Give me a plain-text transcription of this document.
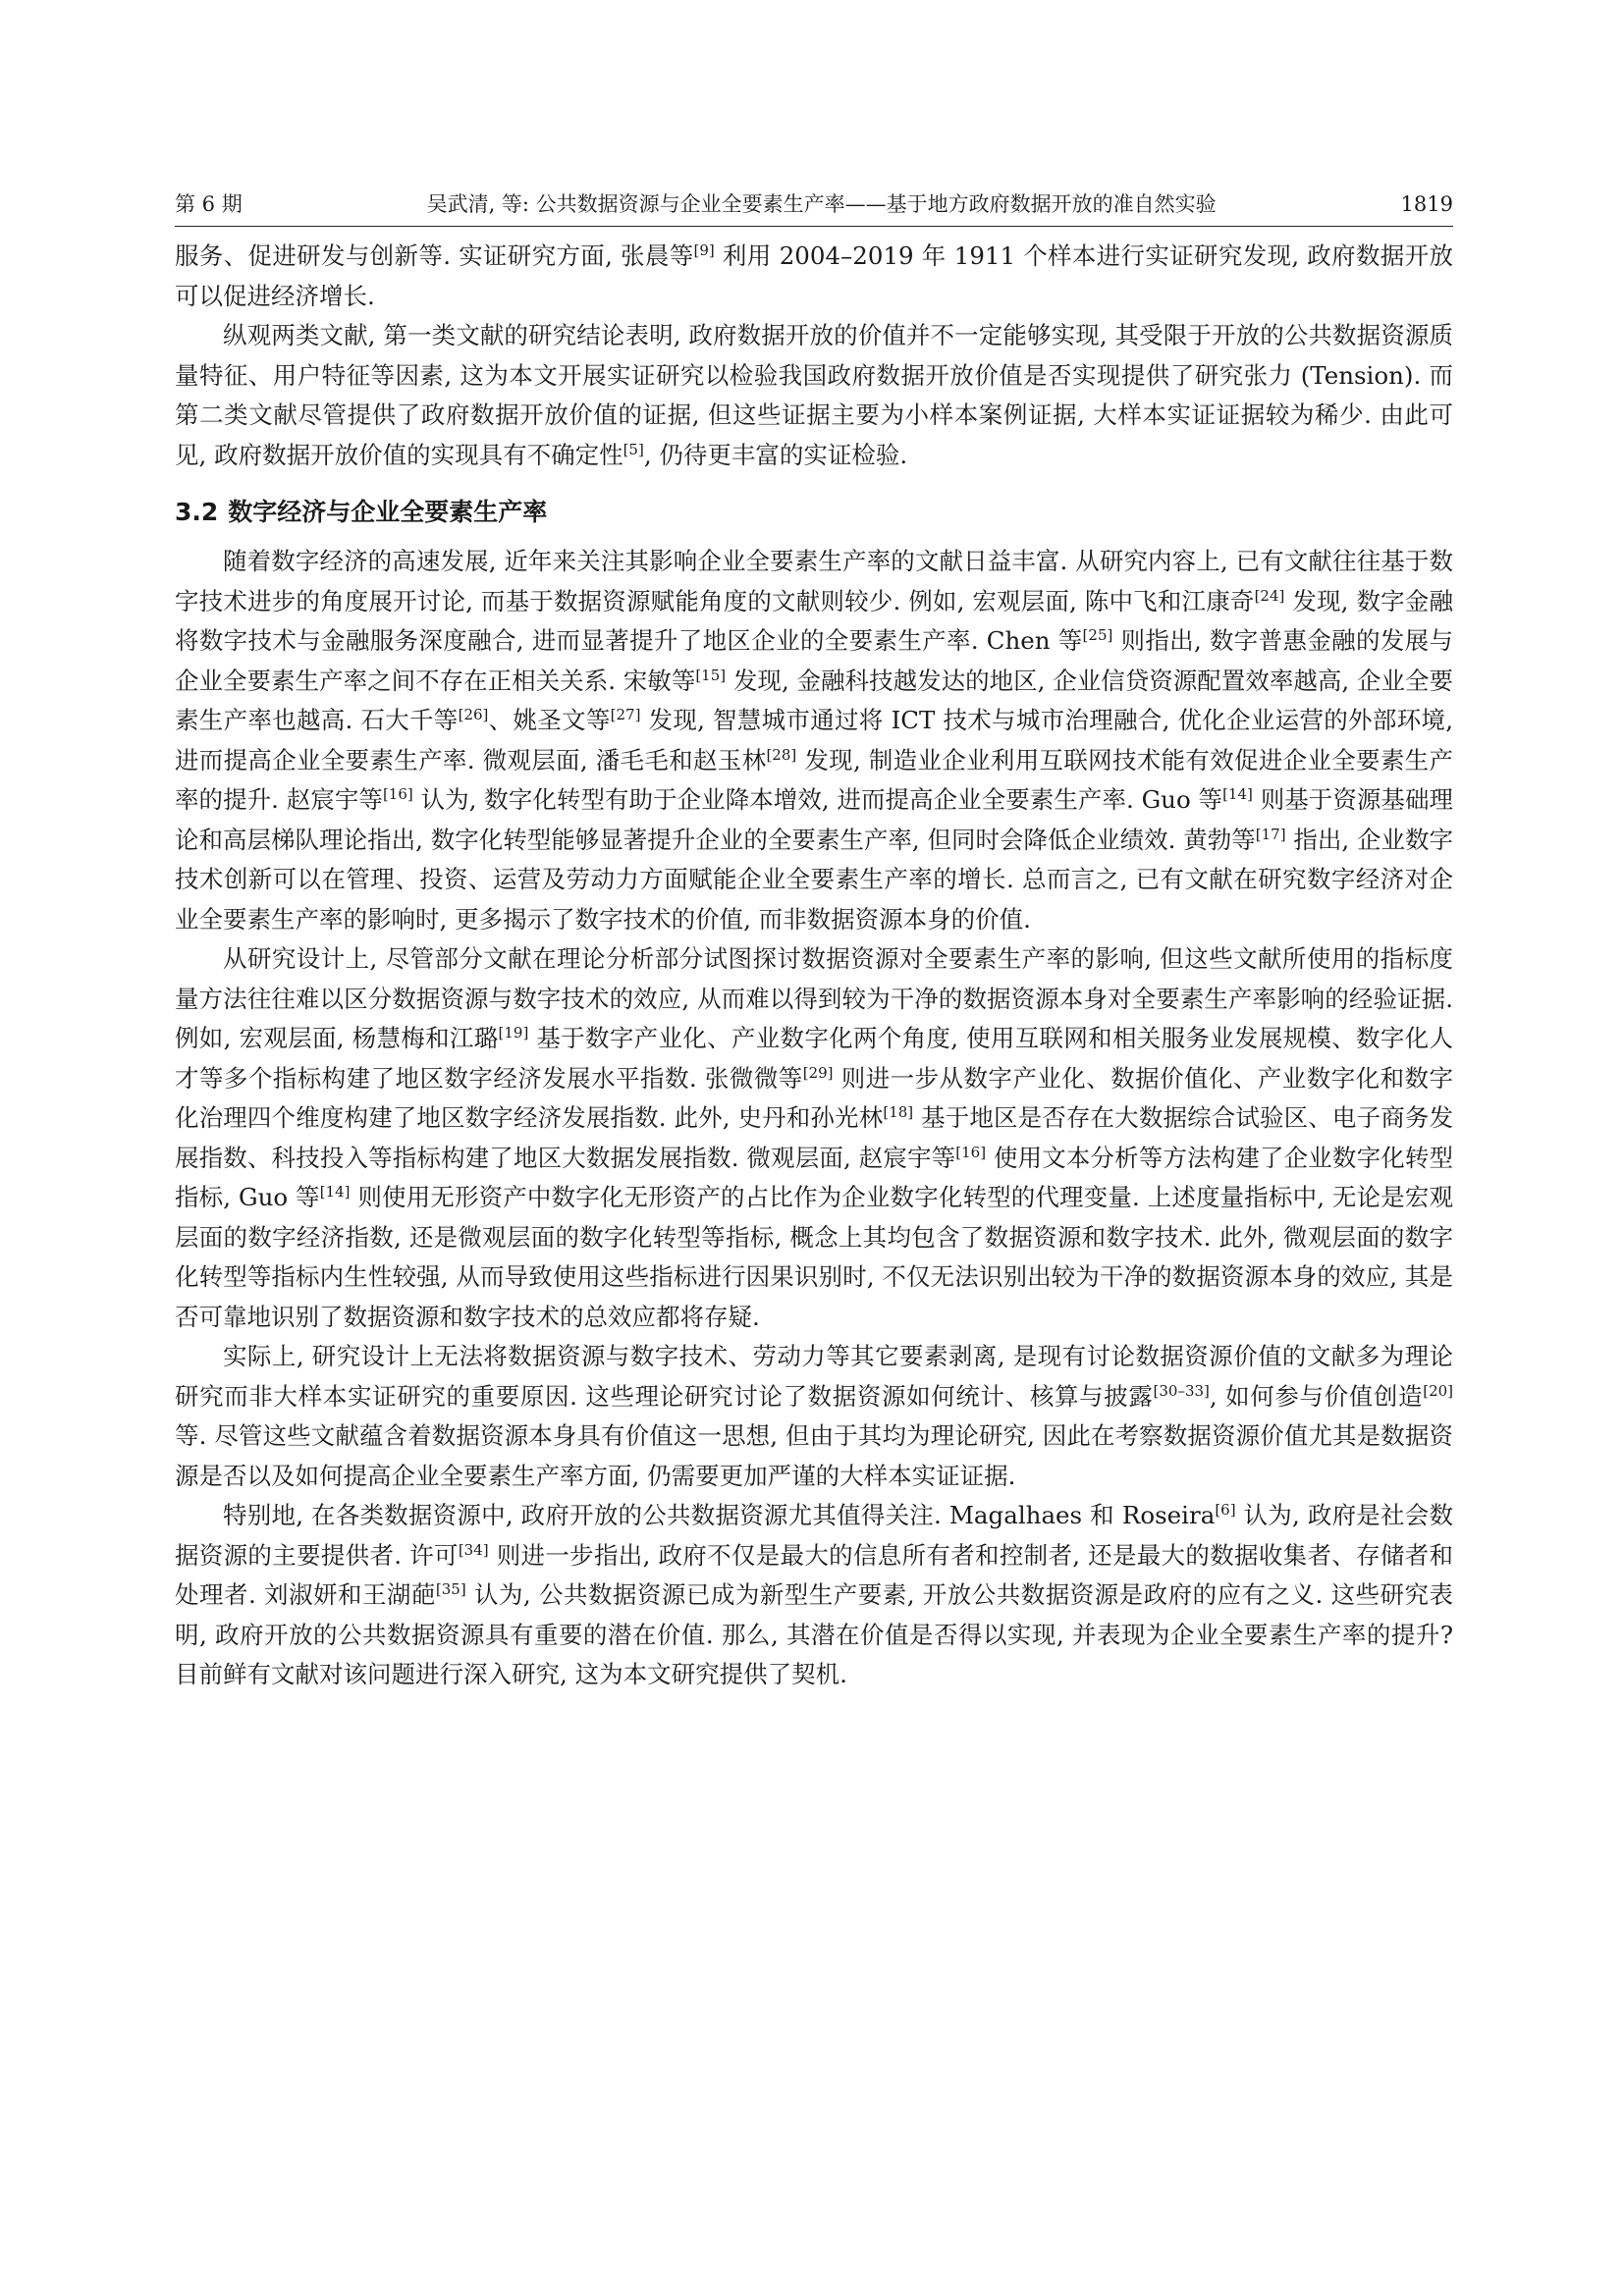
第 6 期	吴武清, 等: 公共数据资源与企业全要素生产率——基于地方政府数据开放的准自然实验	1819

服务、促进研发与创新等. 实证研究方面, 张晨等[9] 利用 2004–2019 年 1911 个样本进行实证研究发现, 政府数据开放可以促进经济增长.

纵观两类文献, 第一类文献的研究结论表明, 政府数据开放的价值并不一定能够实现, 其受限于开放的公共数据资源质量特征、用户特征等因素, 这为本文开展实证研究以检验我国政府数据开放价值是否实现提供了研究张力 (Tension). 而第二类文献尽管提供了政府数据开放价值的证据, 但这些证据主要为小样本案例证据, 大样本实证证据较为稀少. 由此可见, 政府数据开放价值的实现具有不确定性[5], 仍待更丰富的实证检验.

3.2 数字经济与企业全要素生产率

随着数字经济的高速发展, 近年来关注其影响企业全要素生产率的文献日益丰富. 从研究内容上, 已有文献往往基于数字技术进步的角度展开讨论, 而基于数据资源赋能角度的文献则较少. 例如, 宏观层面, 陈中飞和江康奇[24] 发现, 数字金融将数字技术与金融服务深度融合, 进而显著提升了地区企业的全要素生产率. Chen 等[25] 则指出, 数字普惠金融的发展与企业全要素生产率之间不存在正相关关系. 宋敏等[15] 发现, 金融科技越发达的地区, 企业信贷资源配置效率越高, 企业全要素生产率也越高. 石大千等[26]、姚圣文等[27] 发现, 智慧城市通过将 ICT 技术与城市治理融合, 优化企业运营的外部环境, 进而提高企业全要素生产率. 微观层面, 潘毛毛和赵玉林[28] 发现, 制造业企业利用互联网技术能有效促进企业全要素生产率的提升. 赵宸宇等[16] 认为, 数字化转型有助于企业降本增效, 进而提高企业全要素生产率. Guo 等[14] 则基于资源基础理论和高层梯队理论指出, 数字化转型能够显著提升企业的全要素生产率, 但同时会降低企业绩效. 黄勃等[17] 指出, 企业数字技术创新可以在管理、投资、运营及劳动力方面赋能企业全要素生产率的增长. 总而言之, 已有文献在研究数字经济对企业全要素生产率的影响时, 更多揭示了数字技术的价值, 而非数据资源本身的价值.

从研究设计上, 尽管部分文献在理论分析部分试图探讨数据资源对全要素生产率的影响, 但这些文献所使用的指标度量方法往往难以区分数据资源与数字技术的效应, 从而难以得到较为干净的数据资源本身对全要素生产率影响的经验证据. 例如, 宏观层面, 杨慧梅和江璐[19] 基于数字产业化、产业数字化两个角度, 使用互联网和相关服务业发展规模、数字化人才等多个指标构建了地区数字经济发展水平指数. 张微微等[29] 则进一步从数字产业化、数据价值化、产业数字化和数字化治理四个维度构建了地区数字经济发展指数. 此外, 史丹和孙光林[18] 基于地区是否存在大数据综合试验区、电子商务发展指数、科技投入等指标构建了地区大数据发展指数. 微观层面, 赵宸宇等[16] 使用文本分析等方法构建了企业数字化转型指标, Guo 等[14] 则使用无形资产中数字化无形资产的占比作为企业数字化转型的代理变量. 上述度量指标中, 无论是宏观层面的数字经济指数, 还是微观层面的数字化转型等指标, 概念上其均包含了数据资源和数字技术. 此外, 微观层面的数字化转型等指标内生性较强, 从而导致使用这些指标进行因果识别时, 不仅无法识别出较为干净的数据资源本身的效应, 其是否可靠地识别了数据资源和数字技术的总效应都将存疑.

实际上, 研究设计上无法将数据资源与数字技术、劳动力等其它要素剥离, 是现有讨论数据资源价值的文献多为理论研究而非大样本实证研究的重要原因. 这些理论研究讨论了数据资源如何统计、核算与披露[30–33], 如何参与价值创造[20] 等. 尽管这些文献蕴含着数据资源本身具有价值这一思想, 但由于其均为理论研究, 因此在考察数据资源价值尤其是数据资源是否以及如何提高企业全要素生产率方面, 仍需要更加严谨的大样本实证证据.

特别地, 在各类数据资源中, 政府开放的公共数据资源尤其值得关注. Magalhaes 和 Roseira[6] 认为, 政府是社会数据资源的主要提供者. 许可[34] 则进一步指出, 政府不仅是最大的信息所有者和控制者, 还是最大的数据收集者、存储者和处理者. 刘淑妍和王湖葩[35] 认为, 公共数据资源已成为新型生产要素, 开放公共数据资源是政府的应有之义. 这些研究表明, 政府开放的公共数据资源具有重要的潜在价值. 那么, 其潜在价值是否得以实现, 并表现为企业全要素生产率的提升? 目前鲜有文献对该问题进行深入研究, 这为本文研究提供了契机.
